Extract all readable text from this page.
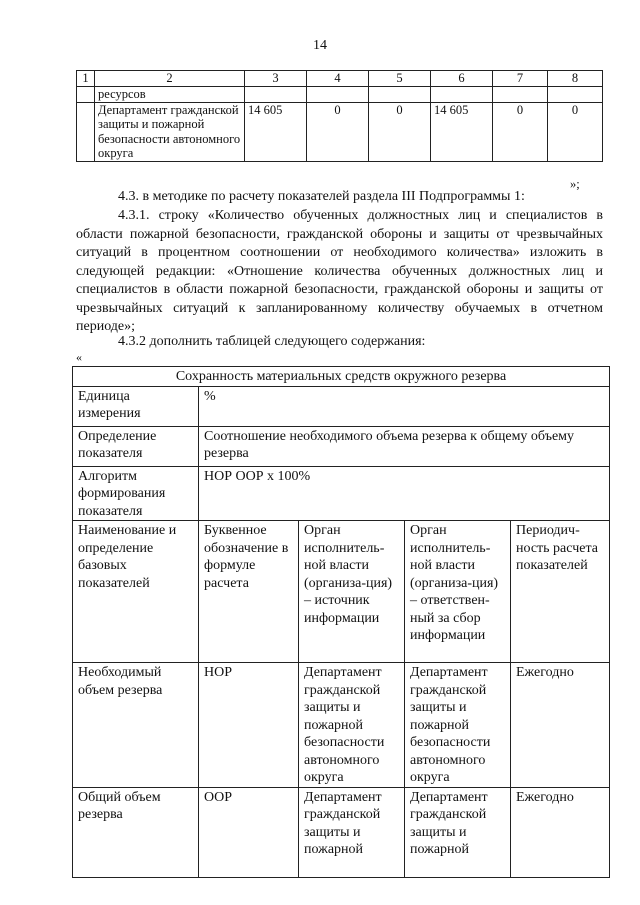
14
1	2	3	4	5	6	7	8
	ресурсов						
	Департамент гражданской защиты и пожарной безопасности автономного округа	14 605	0	0	14 605	0	0
»;
4.3. в методике по расчету показателей раздела III Подпрограммы 1:
4.3.1. строку «Количество обученных должностных лиц и специалистов в области пожарной безопасности, гражданской обороны и защиты от чрезвычайных ситуаций в процентном соотношении от необходимого количества» изложить в следующей редакции: «Отношение количества обученных должностных лиц и специалистов в области пожарной безопасности, гражданской обороны и защиты от чрезвычайных ситуаций к запланированному количеству обучаемых в отчетном периоде»;
4.3.2 дополнить таблицей следующего содержания:
«
Сохранность материальных средств окружного резерва				
Единица измерения	%			
Определение показателя	Соотношение необходимого объема резерва к общему объему резерва			
Алгоритм формирования показателя	НОР ООР х 100%			
Наименование и определение базовых показателей	Буквенное обозначение в формуле расчета	Орган исполнитель-ной власти (организа-ция) – источник информации	Орган исполнитель-ной власти (организа-ция) – ответствен-ный за сбор информации	Периодич-ность расчета показателей
Необходимый объем резерва	НОР	Департамент гражданской защиты и пожарной безопасности автономного округа	Департамент гражданской защиты и пожарной безопасности автономного округа	Ежегодно
Общий объем резерва	ООР	Департамент гражданской защиты и пожарной	Департамент гражданской защиты и пожарной	Ежегодно
